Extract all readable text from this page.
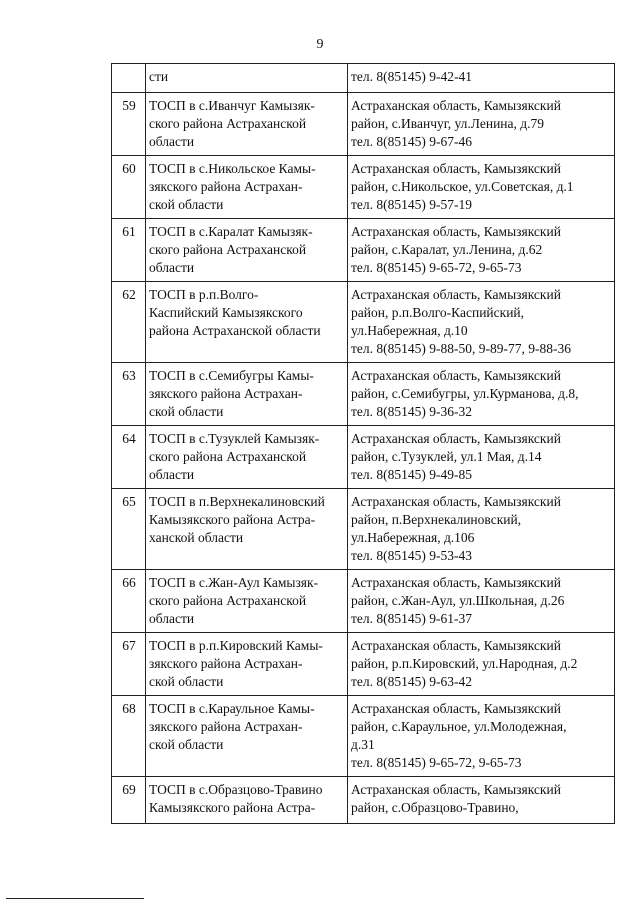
9

	сти	тел. 8(85145) 9-42-41

59	ТОСП в с.Иванчуг Камызяк-
ского района Астраханской
области	Астраханская область, Камызякский
район, с.Иванчуг, ул.Ленина, д.79
тел. 8(85145) 9-67-46

60	ТОСП в с.Никольское Камы-
зякского района Астрахан-
ской области	Астраханская область, Камызякский
район, с.Никольское, ул.Советская, д.1
тел. 8(85145) 9-57-19

61	ТОСП в с.Каралат Камызяк-
ского района Астраханской
области	Астраханская область, Камызякский
район, с.Каралат, ул.Ленина, д.62
тел. 8(85145) 9-65-72, 9-65-73

62	ТОСП в р.п.Волго-
Каспийский Камызякского
района Астраханской области	Астраханская область, Камызякский
район, р.п.Волго-Каспийский,
ул.Набережная, д.10
тел. 8(85145) 9-88-50, 9-89-77, 9-88-36

63	ТОСП в с.Семибугры Камы-
зякского района Астрахан-
ской области	Астраханская область, Камызякский
район, с.Семибугры, ул.Курманова, д.8,
тел. 8(85145) 9-36-32

64	ТОСП в с.Тузуклей Камызяк-
ского района Астраханской
области	Астраханская область, Камызякский
район, с.Тузуклей, ул.1 Мая, д.14
тел. 8(85145) 9-49-85

65	ТОСП в п.Верхнекалиновский
Камызякского района Астра-
ханской области	Астраханская область, Камызякский
район, п.Верхнекалиновский,
ул.Набережная, д.106
тел. 8(85145) 9-53-43

66	ТОСП в с.Жан-Аул Камызяк-
ского района Астраханской
области	Астраханская область, Камызякский
район, с.Жан-Аул, ул.Школьная, д.26
тел. 8(85145) 9-61-37

67	ТОСП в р.п.Кировский Камы-
зякского района Астрахан-
ской области	Астраханская область, Камызякский
район, р.п.Кировский, ул.Народная, д.2
тел. 8(85145) 9-63-42

68	ТОСП в с.Караульное Камы-
зякского района Астрахан-
ской области	Астраханская область, Камызякский
район, с.Караульное, ул.Молодежная,
д.31
тел. 8(85145) 9-65-72, 9-65-73

69	ТОСП в с.Образцово-Травино
Камызякского района Астра-	Астраханская область, Камызякский
район, с.Образцово-Травино,
